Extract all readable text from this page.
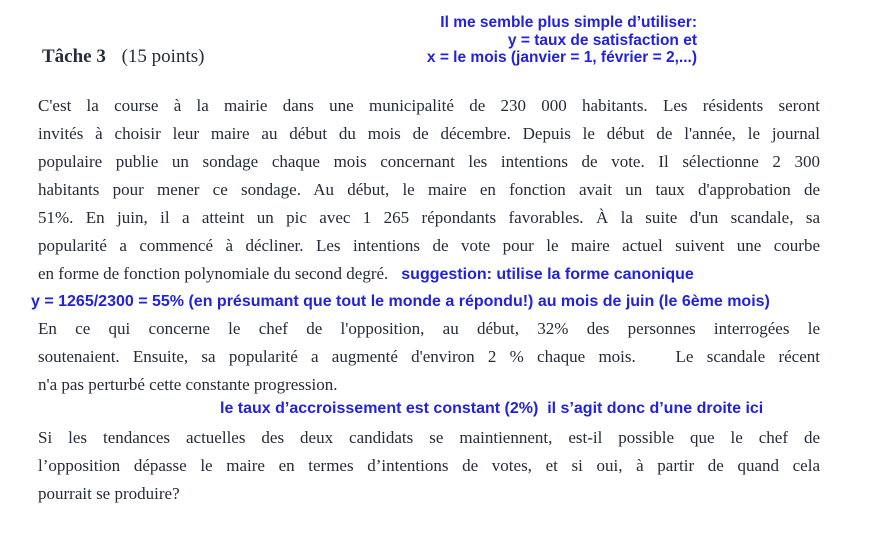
Tâche 3 (15 points)
Il me semble plus simple d’utiliser:
y = taux de satisfaction et
x = le mois (janvier = 1, février = 2,...)
C'est la course à la mairie dans une municipalité de 230 000 habitants. Les résidents seront
invités à choisir leur maire au début du mois de décembre. Depuis le début de l'année, le journal
populaire publie un sondage chaque mois concernant les intentions de vote. Il sélectionne 2 300
habitants pour mener ce sondage. Au début, le maire en fonction avait un taux d'approbation de
51%. En juin, il a atteint un pic avec 1 265 répondants favorables. À la suite d'un scandale, sa
popularité a commencé à décliner. Les intentions de vote pour le maire actuel suivent une courbe
en forme de fonction polynomiale du second degré. suggestion: utilise la forme canonique
y = 1265/2300 = 55% (en présumant que tout le monde a répondu!) au mois de juin (le 6ème mois)
En ce qui concerne le chef de l'opposition, au début, 32% des personnes interrogées le
soutenaient. Ensuite, sa popularité a augmenté d'environ 2 % chaque mois.   Le scandale récent
n'a pas perturbé cette constante progression.
le taux d’accroissement est constant (2%)  il s’agit donc d’une droite ici
Si les tendances actuelles des deux candidats se maintiennent, est-il possible que le chef de
l’opposition dépasse le maire en termes d’intentions de votes, et si oui, à partir de quand cela
pourrait se produire?
